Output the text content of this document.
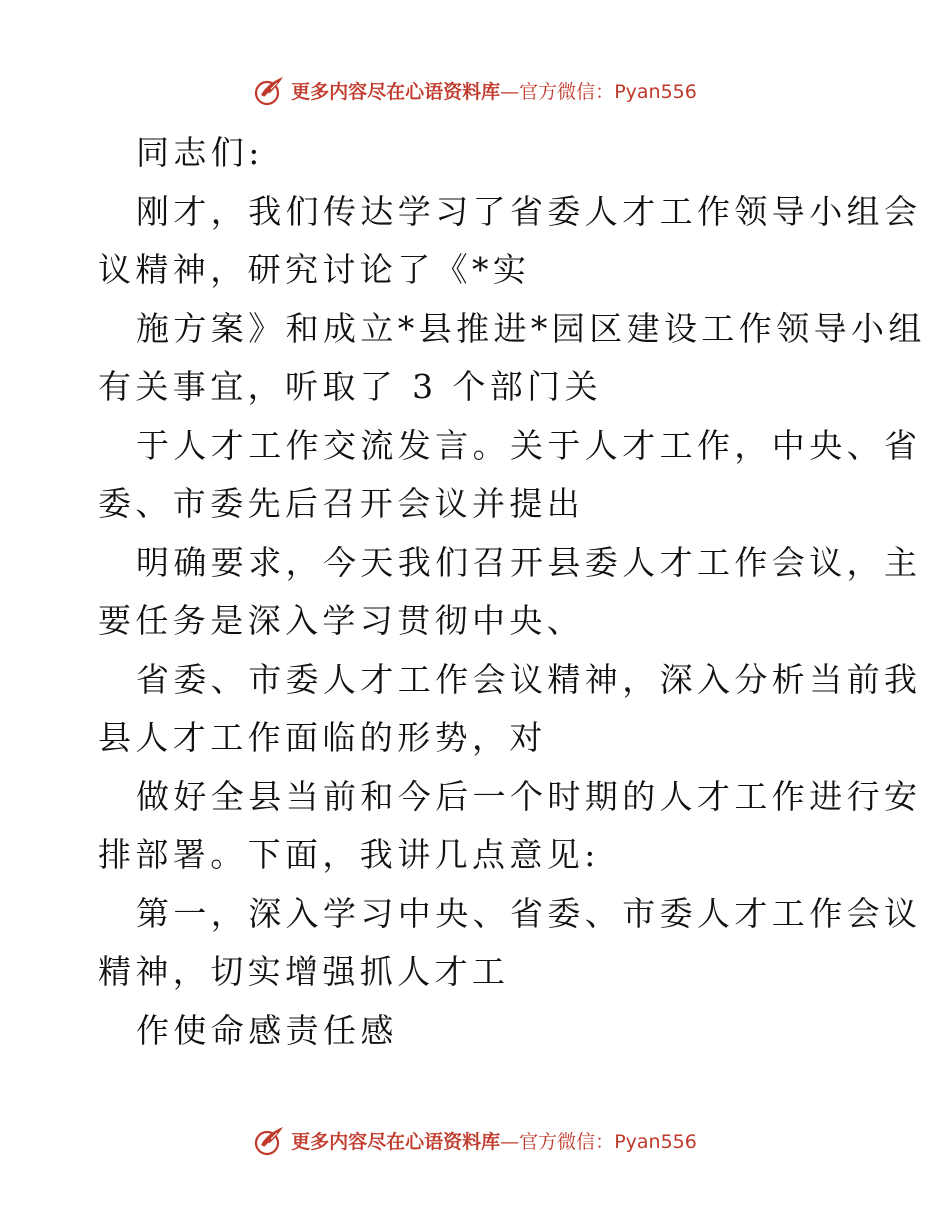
更多内容尽在心语资料库—官方微信：Pyan556
同志们:
刚才，我们传达学习了省委人才工作领导小组会
议精神，研究讨论了《*实
施方案》和成立*县推进*园区建设工作领导小组
有关事宜，听取了 3 个部门关
于人才工作交流发言。关于人才工作，中央、省
委、市委先后召开会议并提出
明确要求，今天我们召开县委人才工作会议，主
要任务是深入学习贯彻中央、
省委、市委人才工作会议精神，深入分析当前我
县人才工作面临的形势，对
做好全县当前和今后一个时期的人才工作进行安
排部署。下面，我讲几点意见:
第一，深入学习中央、省委、市委人才工作会议
精神，切实增强抓人才工
作使命感责任感
更多内容尽在心语资料库—官方微信：Pyan556
